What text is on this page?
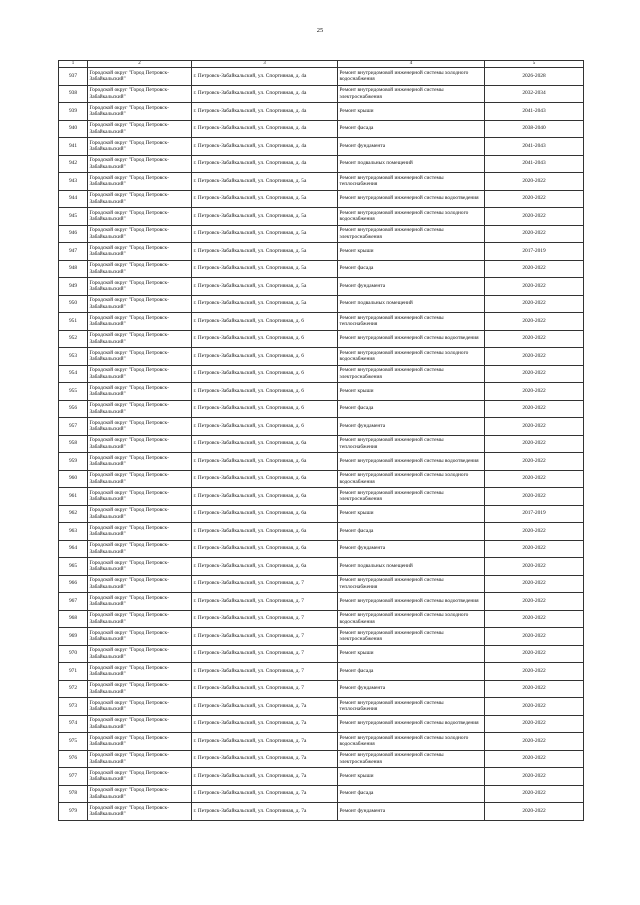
25
1	2	3	4	5
937	Городской округ "Город Петровск-Забайкальский"	г. Петровск-Забайкальский, ул. Спортивная, д. 4а	Ремонт внутридомовой инженерной системы холодного водоснабжения	2026-2028
938	Городской округ "Город Петровск-Забайкальский"	г. Петровск-Забайкальский, ул. Спортивная, д. 4а	Ремонт внутридомовой инженерной системы электроснабжения	2032-2034
939	Городской округ "Город Петровск-Забайкальский"	г. Петровск-Забайкальский, ул. Спортивная, д. 4а	Ремонт крыши	2041-2043
940	Городской округ "Город Петровск-Забайкальский"	г. Петровск-Забайкальский, ул. Спортивная, д. 4а	Ремонт фасада	2038-2040
941	Городской округ "Город Петровск-Забайкальский"	г. Петровск-Забайкальский, ул. Спортивная, д. 4а	Ремонт фундамента	2041-2043
942	Городской округ "Город Петровск-Забайкальский"	г. Петровск-Забайкальский, ул. Спортивная, д. 4а	Ремонт подвальных помещений	2041-2043
943	Городской округ "Город Петровск-Забайкальский"	г. Петровск-Забайкальский, ул. Спортивная, д. 5а	Ремонт внутридомовой инженерной системы теплоснабжения	2020-2022
944	Городской округ "Город Петровск-Забайкальский"	г. Петровск-Забайкальский, ул. Спортивная, д. 5а	Ремонт внутридомовой инженерной системы водоотведения	2020-2022
945	Городской округ "Город Петровск-Забайкальский"	г. Петровск-Забайкальский, ул. Спортивная, д. 5а	Ремонт внутридомовой инженерной системы холодного водоснабжения	2020-2022
946	Городской округ "Город Петровск-Забайкальский"	г. Петровск-Забайкальский, ул. Спортивная, д. 5а	Ремонт внутридомовой инженерной системы электроснабжения	2020-2022
947	Городской округ "Город Петровск-Забайкальский"	г. Петровск-Забайкальский, ул. Спортивная, д. 5а	Ремонт крыши	2017-2019
948	Городской округ "Город Петровск-Забайкальский"	г. Петровск-Забайкальский, ул. Спортивная, д. 5а	Ремонт фасада	2020-2022
949	Городской округ "Город Петровск-Забайкальский"	г. Петровск-Забайкальский, ул. Спортивная, д. 5а	Ремонт фундамента	2020-2022
950	Городской округ "Город Петровск-Забайкальский"	г. Петровск-Забайкальский, ул. Спортивная, д. 5а	Ремонт подвальных помещений	2020-2022
951	Городской округ "Город Петровск-Забайкальский"	г. Петровск-Забайкальский, ул. Спортивная, д. 6	Ремонт внутридомовой инженерной системы теплоснабжения	2020-2022
952	Городской округ "Город Петровск-Забайкальский"	г. Петровск-Забайкальский, ул. Спортивная, д. 6	Ремонт внутридомовой инженерной системы водоотведения	2020-2022
953	Городской округ "Город Петровск-Забайкальский"	г. Петровск-Забайкальский, ул. Спортивная, д. 6	Ремонт внутридомовой инженерной системы холодного водоснабжения	2020-2022
954	Городской округ "Город Петровск-Забайкальский"	г. Петровск-Забайкальский, ул. Спортивная, д. 6	Ремонт внутридомовой инженерной системы электроснабжения	2020-2022
955	Городской округ "Город Петровск-Забайкальский"	г. Петровск-Забайкальский, ул. Спортивная, д. 6	Ремонт крыши	2020-2022
956	Городской округ "Город Петровск-Забайкальский"	г. Петровск-Забайкальский, ул. Спортивная, д. 6	Ремонт фасада	2020-2022
957	Городской округ "Город Петровск-Забайкальский"	г. Петровск-Забайкальский, ул. Спортивная, д. 6	Ремонт фундамента	2020-2022
958	Городской округ "Город Петровск-Забайкальский"	г. Петровск-Забайкальский, ул. Спортивная, д. 6а	Ремонт внутридомовой инженерной системы теплоснабжения	2020-2022
959	Городской округ "Город Петровск-Забайкальский"	г. Петровск-Забайкальский, ул. Спортивная, д. 6а	Ремонт внутридомовой инженерной системы водоотведения	2020-2022
960	Городской округ "Город Петровск-Забайкальский"	г. Петровск-Забайкальский, ул. Спортивная, д. 6а	Ремонт внутридомовой инженерной системы холодного водоснабжения	2020-2022
961	Городской округ "Город Петровск-Забайкальский"	г. Петровск-Забайкальский, ул. Спортивная, д. 6а	Ремонт внутридомовой инженерной системы электроснабжения	2020-2022
962	Городской округ "Город Петровск-Забайкальский"	г. Петровск-Забайкальский, ул. Спортивная, д. 6а	Ремонт крыши	2017-2019
963	Городской округ "Город Петровск-Забайкальский"	г. Петровск-Забайкальский, ул. Спортивная, д. 6а	Ремонт фасада	2020-2022
964	Городской округ "Город Петровск-Забайкальский"	г. Петровск-Забайкальский, ул. Спортивная, д. 6а	Ремонт фундамента	2020-2022
965	Городской округ "Город Петровск-Забайкальский"	г. Петровск-Забайкальский, ул. Спортивная, д. 6а	Ремонт подвальных помещений	2020-2022
966	Городской округ "Город Петровск-Забайкальский"	г. Петровск-Забайкальский, ул. Спортивная, д. 7	Ремонт внутридомовой инженерной системы теплоснабжения	2020-2022
967	Городской округ "Город Петровск-Забайкальский"	г. Петровск-Забайкальский, ул. Спортивная, д. 7	Ремонт внутридомовой инженерной системы водоотведения	2020-2022
968	Городской округ "Город Петровск-Забайкальский"	г. Петровск-Забайкальский, ул. Спортивная, д. 7	Ремонт внутридомовой инженерной системы холодного водоснабжения	2020-2022
969	Городской округ "Город Петровск-Забайкальский"	г. Петровск-Забайкальский, ул. Спортивная, д. 7	Ремонт внутридомовой инженерной системы электроснабжения	2020-2022
970	Городской округ "Город Петровск-Забайкальский"	г. Петровск-Забайкальский, ул. Спортивная, д. 7	Ремонт крыши	2020-2022
971	Городской округ "Город Петровск-Забайкальский"	г. Петровск-Забайкальский, ул. Спортивная, д. 7	Ремонт фасада	2020-2022
972	Городской округ "Город Петровск-Забайкальский"	г. Петровск-Забайкальский, ул. Спортивная, д. 7	Ремонт фундамента	2020-2022
973	Городской округ "Город Петровск-Забайкальский"	г. Петровск-Забайкальский, ул. Спортивная, д. 7а	Ремонт внутридомовой инженерной системы теплоснабжения	2020-2022
974	Городской округ "Город Петровск-Забайкальский"	г. Петровск-Забайкальский, ул. Спортивная, д. 7а	Ремонт внутридомовой инженерной системы водоотведения	2020-2022
975	Городской округ "Город Петровск-Забайкальский"	г. Петровск-Забайкальский, ул. Спортивная, д. 7а	Ремонт внутридомовой инженерной системы холодного водоснабжения	2020-2022
976	Городской округ "Город Петровск-Забайкальский"	г. Петровск-Забайкальский, ул. Спортивная, д. 7а	Ремонт внутридомовой инженерной системы электроснабжения	2020-2022
977	Городской округ "Город Петровск-Забайкальский"	г. Петровск-Забайкальский, ул. Спортивная, д. 7а	Ремонт крыши	2020-2022
978	Городской округ "Город Петровск-Забайкальский"	г. Петровск-Забайкальский, ул. Спортивная, д. 7а	Ремонт фасада	2020-2022
979	Городской округ "Город Петровск-Забайкальский"	г. Петровск-Забайкальский, ул. Спортивная, д. 7а	Ремонт фундамента	2020-2022
